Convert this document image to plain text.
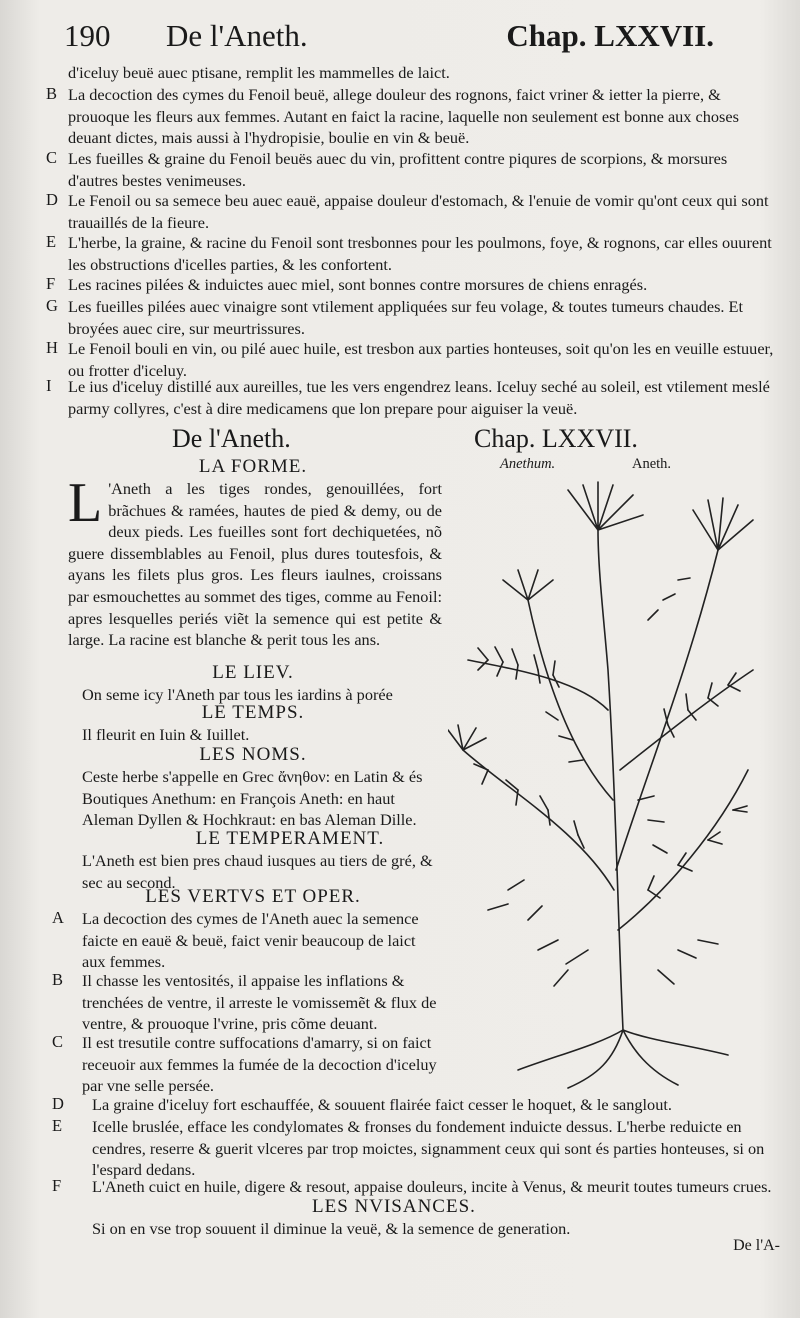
190 De l'Aneth.	Chap. LXXVII.

d'iceluy beuë auec ptisane, remplit les mammelles de laict.

B La decoction des cymes du Fenoil beuë, allege douleur des rognons, faict vriner & ietter la pierre, & prouoque les fleurs aux femmes. Autant en faict la racine, laquelle non seulement est bonne aux choses deuant dictes, mais aussi à l'hydropisie, boulie en vin & beuë.

C Les fueilles & graine du Fenoil beuës auec du vin, profittent contre piqures de scorpions, & morsures d'autres bestes venimeuses.

D Le Fenoil ou sa semece beu auec eauë, appaise douleur d'estomach, & l'enuie de vomir qu'ont ceux qui sont trauaillés de la fieure.

E L'herbe, la graine, & racine du Fenoil sont tresbonnes pour les poulmons, foye, & rognons, car elles ouurent les obstructions d'icelles parties, & les confortent.

F Les racines pilées & induictes auec miel, sont bonnes contre morsures de chiens enragés.

G Les fueilles pilées auec vinaigre sont vtilement appliquées sur feu volage, & toutes tumeurs chaudes. Et broyées auec cire, sur meurtrissures.

H Le Fenoil bouli en vin, ou pilé auec huile, est tresbon aux parties honteuses, soit qu'on les en veuille estuuer, ou frotter d'iceluy.

I	Le ius d'iceluy distillé aux aureilles, tue les vers engendrez leans. Iceluy seché au soleil, est vtilement meslé parmy collyres, c'est à dire medicamens que lon prepare pour aiguiser la veuë.

De l'Aneth.	Chap. LXXVII.
Anethum.	Aneth.
LA FORME.
L 'Aneth a les tiges rondes, genouillées, fort brãchues & ramées, hautes de pied & demy, ou de deux pieds. Les fueilles sont fort dechiquetées, nõ guere dissemblables au Fenoil, plus dures toutesfois, & ayans les filets plus gros. Les fleurs iaulnes, croissans par esmouchettes au sommet des tiges, comme au Fenoil: apres lesquelles periés viẽt la semence qui est petite & large. La racine est blanche & perit tous les ans.
LE LIEV.

On seme icy l'Aneth par tous les iardins à porée

LE TEMPS.

Il fleurit en Iuin & Iuillet.

LES NOMS.

Ceste herbe s'appelle en Grec ἄνηθον: en Latin & és Boutiques Anethum: en François Aneth: en haut Aleman Dyllen & Hochkraut: en bas Aleman Dille.

LE TEMPERAMENT.

L'Aneth est bien pres chaud iusques au tiers de gré, & sec au second.

LES VERTVS ET OPER.
A	La decoction des cymes de l'Aneth auec la semence faicte en eauë & beuë, faict venir beaucoup de laict aux femmes.

B	Il chasse les ventosités, il appaise les inflations & trenchées de ventre, il arreste le vomissemẽt & flux de ventre, & prouoque l'vrine, pris cõme deuant.

C	Il est tresutile contre suffocations d'amarry, si on faict receuoir aux femmes la fumée de la decoction d'iceluy par vne selle persée.

D	La graine d'iceluy fort eschauffée, & souuent flairée faict cesser le hoquet, & le sanglout.

E	Icelle bruslée, efface les condylomates & fronses du fondement induicte dessus. L'herbe reduicte en cendres, reserre & guerit vlceres par trop moictes, signamment ceux qui sont és parties honteuses, si on l'espard dedans.

F	L'Aneth cuict en huile, digere & resout, appaise douleurs, incite à Venus, & meurit toutes tumeurs crues.

LES NVISANCES.

Si on en vse trop souuent il diminue la veuë, & la semence de generation.

De l'A-
